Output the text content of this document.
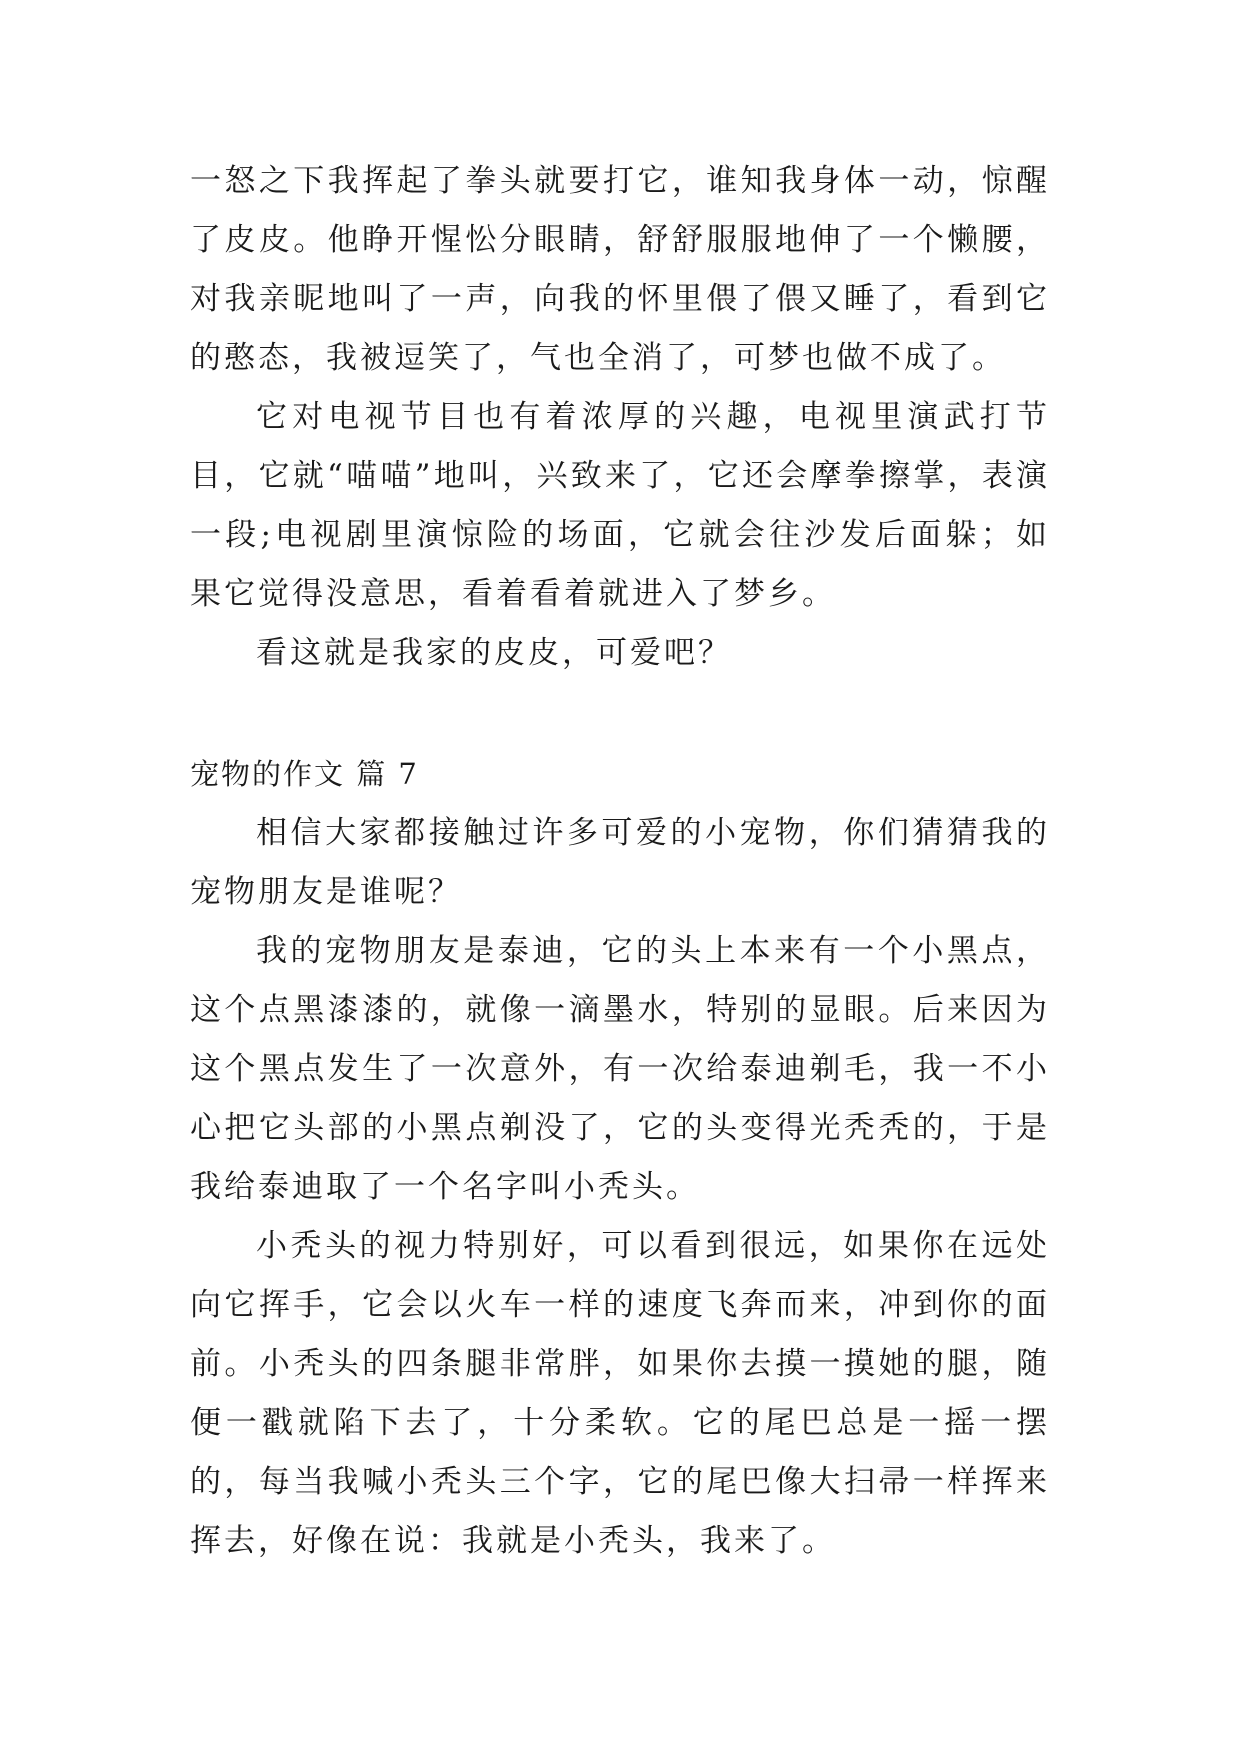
一怒之下我挥起了拳头就要打它，谁知我身体一动，惊醒了皮皮。他睁开惺忪分眼睛，舒舒服服地伸了一个懒腰，对我亲昵地叫了一声，向我的怀里偎了偎又睡了，看到它的憨态，我被逗笑了，气也全消了，可梦也做不成了。

它对电视节目也有着浓厚的兴趣，电视里演武打节目，它就“喵喵”地叫，兴致来了，它还会摩拳擦掌，表演一段;电视剧里演惊险的场面，它就会往沙发后面躲；如果它觉得没意思，看着看着就进入了梦乡。

看这就是我家的皮皮，可爱吧？

宠物的作文 篇 7

相信大家都接触过许多可爱的小宠物，你们猜猜我的宠物朋友是谁呢？

我的宠物朋友是泰迪，它的头上本来有一个小黑点，这个点黑漆漆的，就像一滴墨水，特别的显眼。后来因为这个黑点发生了一次意外，有一次给泰迪剃毛，我一不小心把它头部的小黑点剃没了，它的头变得光秃秃的，于是我给泰迪取了一个名字叫小秃头。

小秃头的视力特别好，可以看到很远，如果你在远处向它挥手，它会以火车一样的速度飞奔而来，冲到你的面前。小秃头的四条腿非常胖，如果你去摸一摸她的腿，随便一戳就陷下去了，十分柔软。它的尾巴总是一摇一摆的，每当我喊小秃头三个字，它的尾巴像大扫帚一样挥来挥去，好像在说：我就是小秃头，我来了。
